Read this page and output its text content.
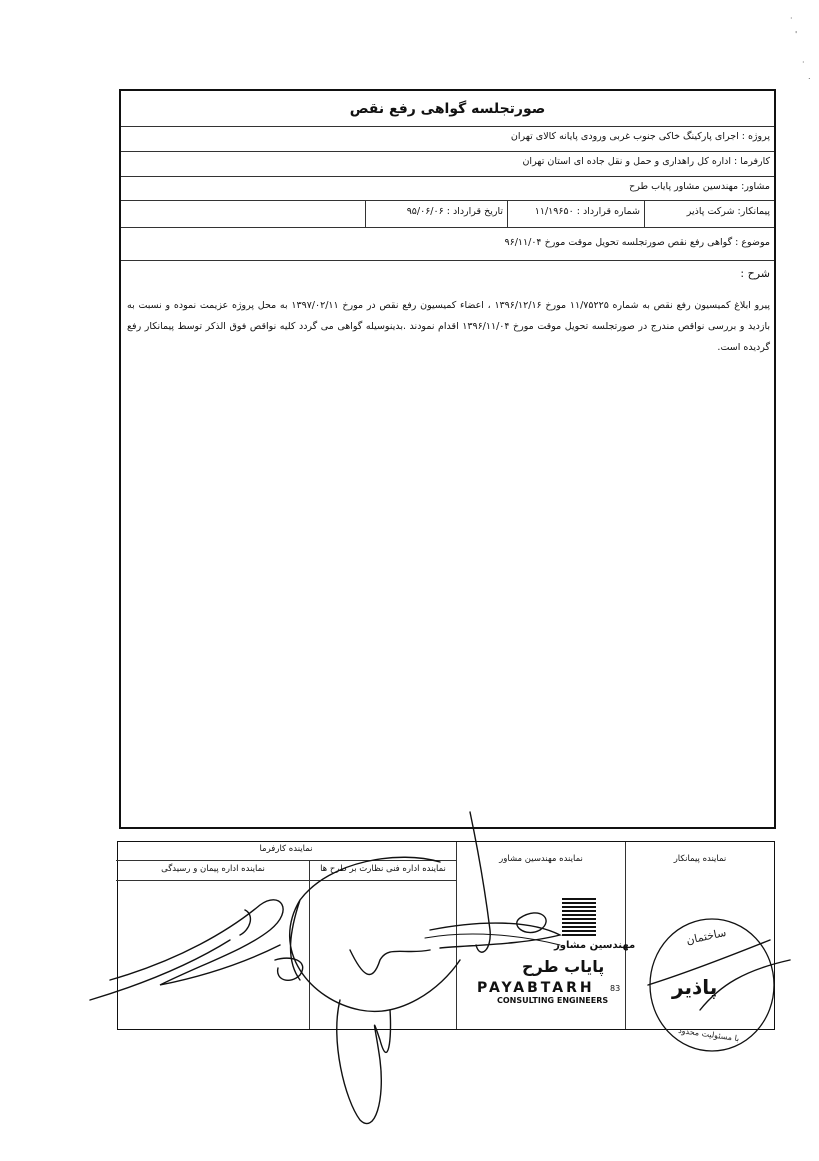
·
'
·
.
صورتجلسه گواهی رفع نقص
پروژه : اجرای پارکینگ خاکی جنوب غربی ورودی پایانه کالای تهران
کارفرما : اداره کل راهداری و حمل و نقل جاده ای استان تهران
مشاور: مهندسین مشاور پایاب طرح
پیمانکار: شرکت پاذیر
شماره قرارداد : ۱۱/۱۹۶۵۰
تاریخ قرارداد : ۹۵/۰۶/۰۶
موضوع : گواهی رفع نقص صورتجلسه تحویل موقت مورخ ۹۶/۱۱/۰۴
شرح :
پیرو ابلاغ کمیسیون رفع نقص به شماره ۱۱/۷۵۲۲۵ مورخ ۱۳۹۶/۱۲/۱۶ ، اعضاء کمیسیون رفع نقص در مورخ ۱۳۹۷/۰۲/۱۱ به محل پروژه عزیمت نموده و نسبت به بازدید و بررسی نواقص مندرج در صورتجلسه تحویل موقت مورخ ۱۳۹۶/۱۱/۰۴ اقدام نمودند .بدینوسیله گواهی می گردد کلیه نواقص فوق الذکر توسط پیمانکار رفع گردیده است.
نماینده پیمانکار
نماینده مهندسین مشاور
نماینده کارفرما
نماینده اداره فنی نظارت بر طرح ها
نماینده اداره پیمان و رسیدگی
مهندسین مشاور
پایاب طرح
PAYABTARH 83
CONSULTING ENGINEERS
ساختمان
پاذیر
با مسئولیت محدود
